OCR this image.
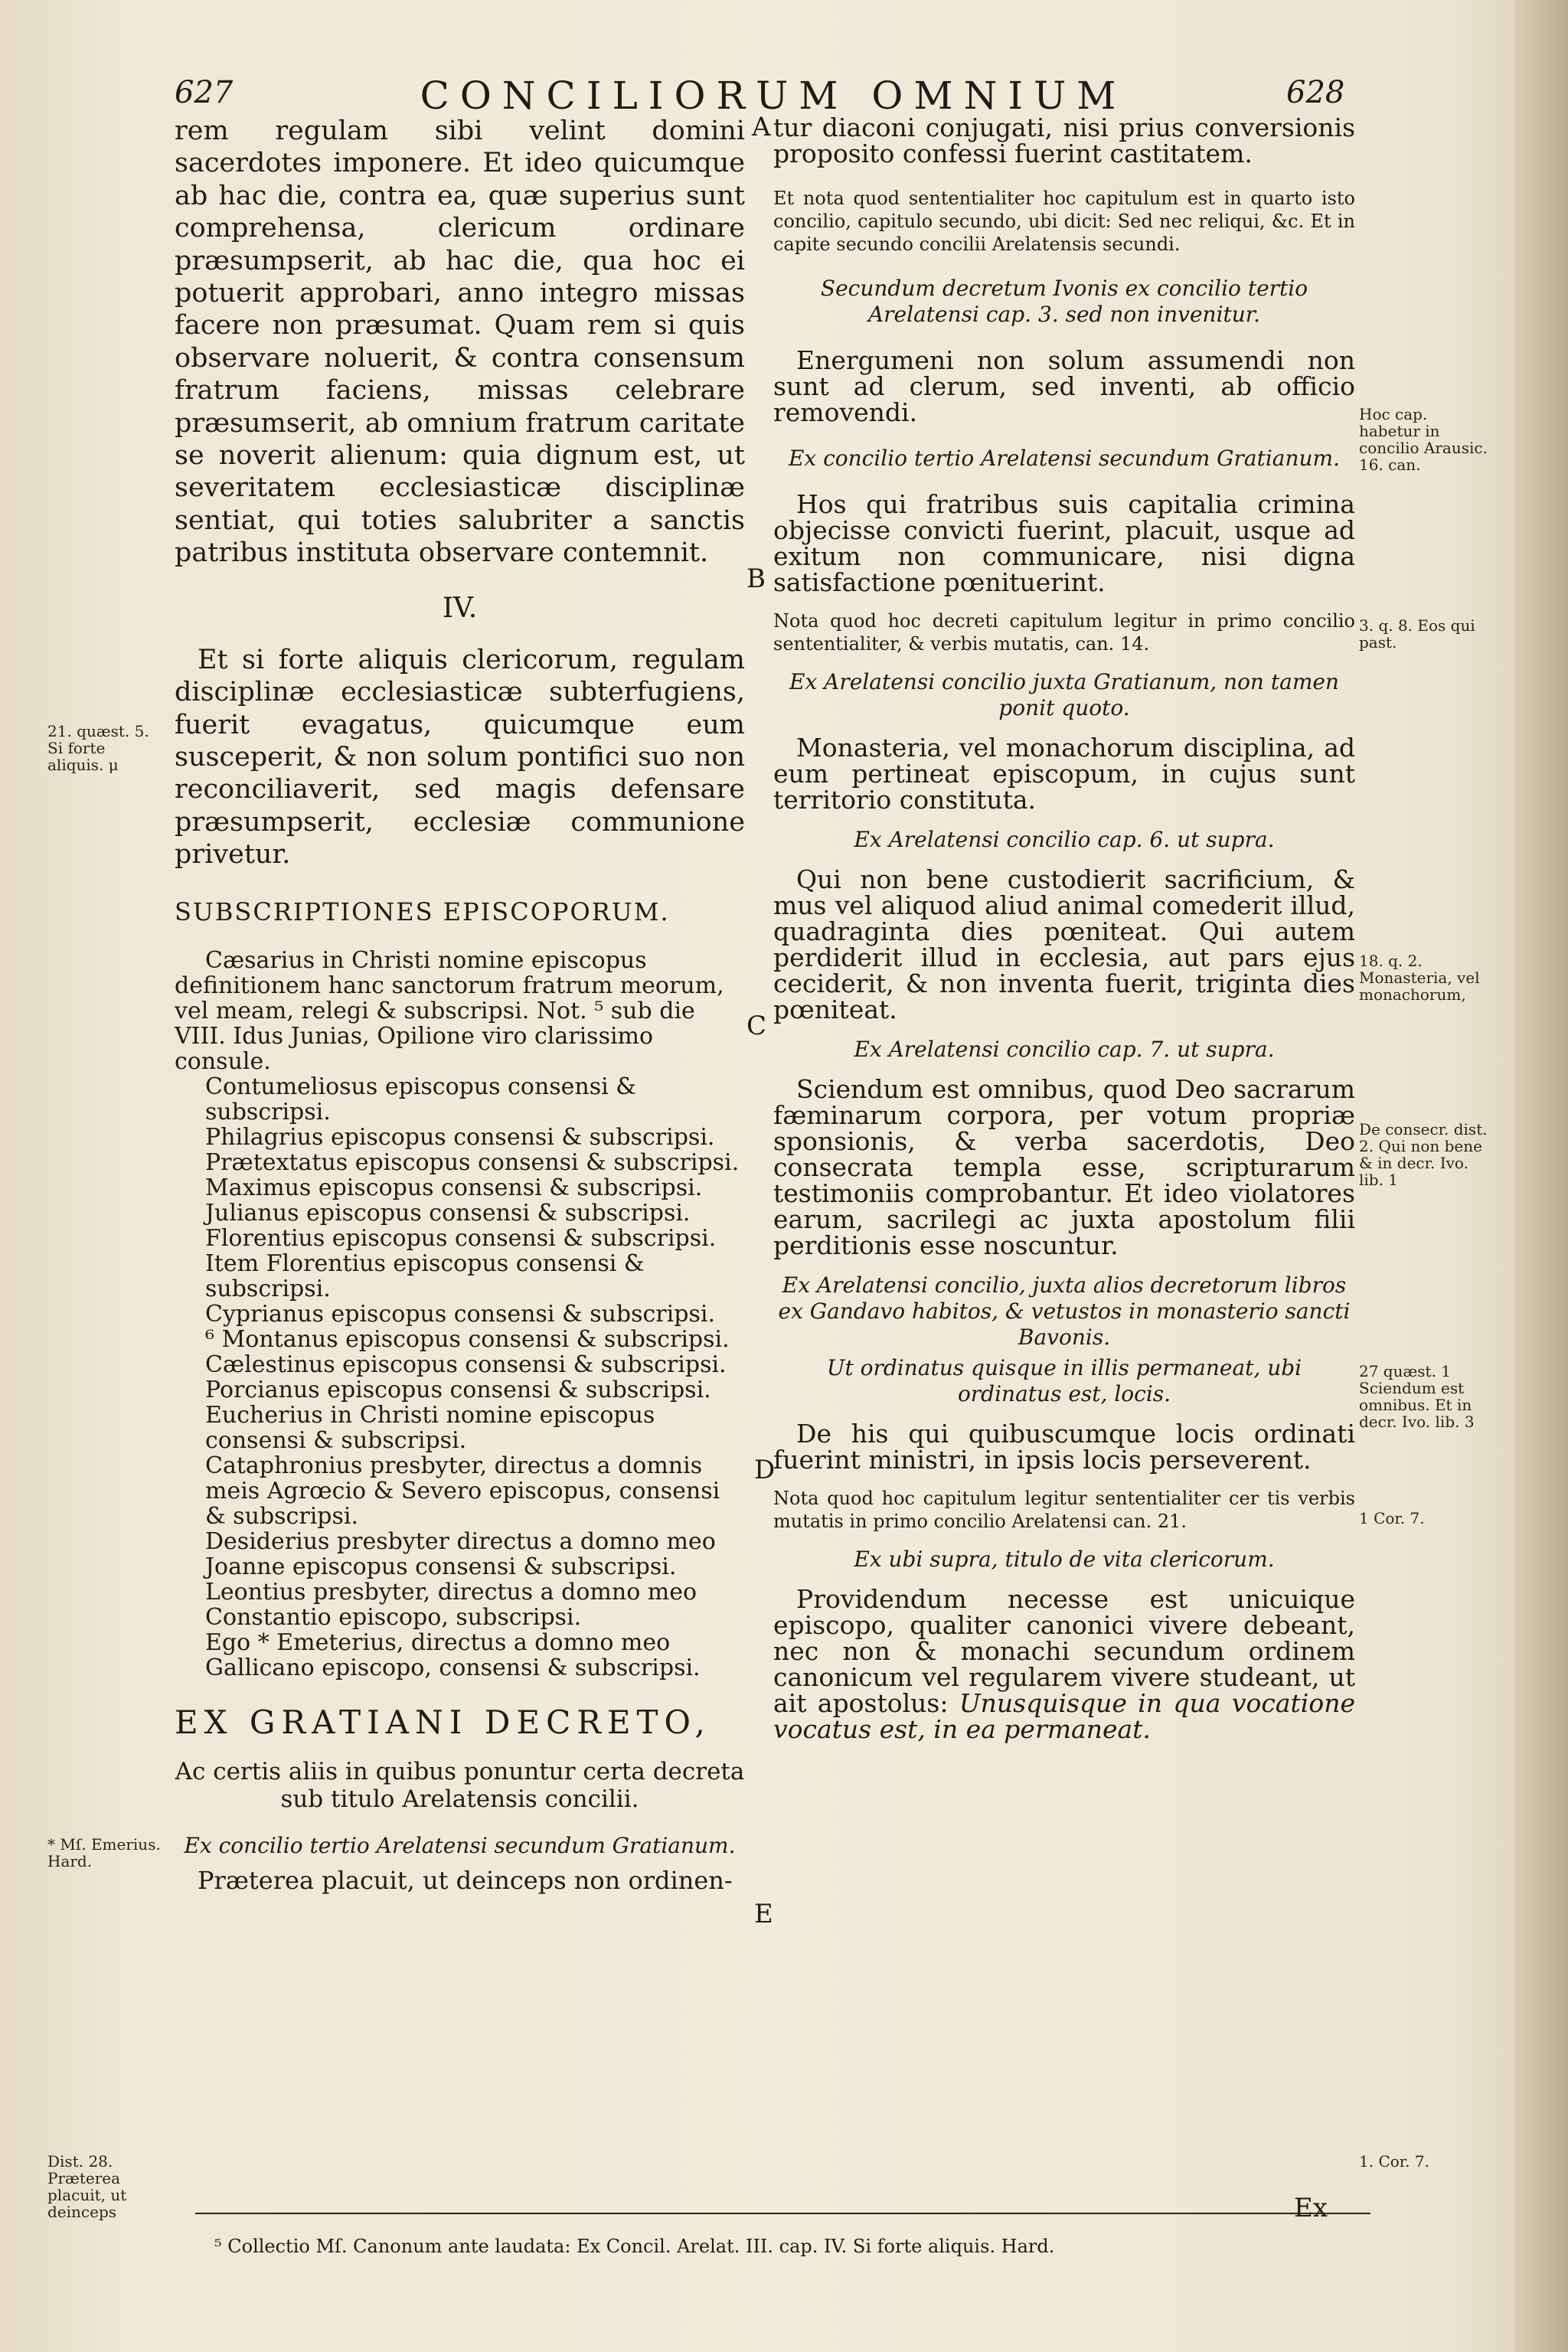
627	CONCILIORUM OMNIUM	628

rem regulam sibi velint domini sacerdotes imponere. Et ideo quicumque ab hac die, contra ea, quæ superius sunt comprehensa, clericum ordinare præsumpserit, ab hac die, qua hoc ei potuerit approbari, anno integro missas facere non præsumat. Quam rem si quis observare noluerit, & contra consensum fratrum faciens, missas celebrare præsumserit, ab omnium fratrum caritate se noverit alienum: quia dignum est, ut severitatem ecclesiasticæ disciplinæ sentiat, qui toties salubriter a sanctis patribus instituta observare contemnit.

IV.

Et si forte aliquis clericorum, regulam disciplinæ ecclesiasticæ subterfugiens, fuerit evagatus, quicumque eum susceperit, & non solum pontifici suo non reconciliaverit, sed magis defensare præsumpserit, ecclesiæ communione privetur.

SUBSCRIPTIONES EPISCOPORUM.

Cæsarius in Christi nomine episcopus definitionem hanc sanctorum fratrum meorum, vel meam, relegi & subscripsi. Not. ⁵ sub die VIII. Idus Junias, Opilione viro clarissimo consule.

Contumeliosus episcopus consensi & subscripsi.

Philagrius episcopus consensi & subscripsi.

Prætextatus episcopus consensi & subscripsi.

Maximus episcopus consensi & subscripsi.

Julianus episcopus consensi & subscripsi.

Florentius episcopus consensi & subscripsi.

Item Florentius episcopus consensi & subscripsi.

Cyprianus episcopus consensi & subscripsi.

⁶ Montanus episcopus consensi & subscripsi.

Cælestinus episcopus consensi & subscripsi.

Porcianus episcopus consensi & subscripsi.

Eucherius in Christi nomine episcopus consensi & subscripsi.

Cataphronius presbyter, directus a domnis meis Agrœcio & Severo episcopus, consensi & subscripsi.

Desiderius presbyter directus a domno meo Joanne episcopus consensi & subscripsi.

Leontius presbyter, directus a domno meo Constantio episcopo, subscripsi.

Ego * Emeterius, directus a domno meo Gallicano episcopo, consensi & subscripsi.

EX GRATIANI DECRETO,

Ac certis aliis in quibus ponuntur certa decreta sub titulo Arelatensis concilii.

Ex concilio tertio Arelatensi secundum Gratianum.

Præterea placuit, ut deinceps non ordinen-

tur diaconi conjugati, nisi prius conversionis proposito confessi fuerint castitatem.

Et nota quod sententialiter hoc capitulum est in quarto isto concilio, capitulo secundo, ubi dicit: Sed nec reliqui, &c. Et in capite secundo concilii Arelatensis secundi.

Secundum decretum Ivonis ex concilio tertio Arelatensi cap. 3. sed non invenitur.

Energumeni non solum assumendi non sunt ad clerum, sed inventi, ab officio removendi.

Ex concilio tertio Arelatensi secundum Gratianum.

Hos qui fratribus suis capitalia crimina objecisse convicti fuerint, placuit, usque ad exitum non communicare, nisi digna satisfactione pœnituerint.

Nota quod hoc decreti capitulum legitur in primo concilio sententialiter, & verbis mutatis, can. 14.

Ex Arelatensi concilio juxta Gratianum, non tamen ponit quoto.

Monasteria, vel monachorum disciplina, ad eum pertineat episcopum, in cujus sunt territorio constituta.

Ex Arelatensi concilio cap. 6. ut supra.

Qui non bene custodierit sacrificium, & mus vel aliquod aliud animal comederit illud, quadraginta dies pœniteat. Qui autem perdiderit illud in ecclesia, aut pars ejus ceciderit, & non inventa fuerit, triginta dies pœniteat.

Ex Arelatensi concilio cap. 7. ut supra.

Sciendum est omnibus, quod Deo sacrarum fæminarum corpora, per votum propriæ sponsionis, & verba sacerdotis, Deo consecrata templa esse, scripturarum testimoniis comprobantur. Et ideo violatores earum, sacrilegi ac juxta apostolum filii perditionis esse noscuntur.

Ex Arelatensi concilio, juxta alios decretorum libros ex Gandavo habitos, & vetustos in monasterio sancti Bavonis.

Ut ordinatus quisque in illis permaneat, ubi ordinatus est, locis.

De his qui quibuscumque locis ordinati fuerint ministri, in ipsis locis perseverent.

Nota quod hoc capitulum legitur sententialiter cer tis verbis mutatis in primo concilio Arelatensi can. 21.

Ex ubi supra, titulo de vita clericorum.

Providendum necesse est unicuique episcopo, qualiter canonici vivere debeant, nec non & monachi secundum ordinem canonicum vel regularem vivere studeant, ut ait apostolus: Unusquisque in qua vocatione vocatus est, in ea permaneat.

21. quæst. 5. Si forte aliquis. μ
* Mſ. Emerius. Hard.
Dist. 28. Præterea placuit, ut deinceps
Hoc cap. habetur in concilio Arausic. 16. can.
3. q. 8. Eos qui past.
18. q. 2. Monasteria, vel monachorum,
De consecr. dist. 2. Qui non bene & in decr. Ivo. lib. 1
27 quæst. 1 Sciendum est omnibus. Et in decr. Ivo. lib. 3
1 Cor. 7.
1. Cor. 7.
A
B
C
D
E
Ex
⁵ Collectio Mſ. Canonum ante laudata: Ex Concil. Arelat. III. cap. IV. Si forte aliquis. Hard.
